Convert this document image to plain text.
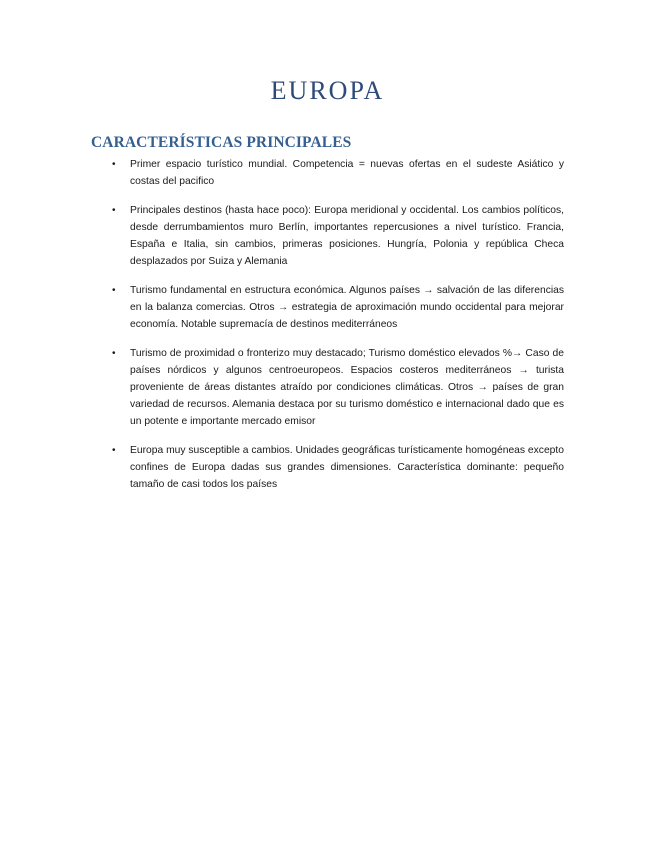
EUROPA
CARACTERÍSTICAS PRINCIPALES
•	Primer espacio turístico mundial. Competencia = nuevas ofertas en el sudeste Asiático y costas del pacifico
•	Principales destinos (hasta hace poco): Europa meridional y occidental. Los cambios políticos, desde derrumbamientos muro Berlín, importantes repercusiones a nivel turístico. Francia, España e Italia, sin cambios, primeras posiciones. Hungría, Polonia y república Checa desplazados por Suiza y Alemania
•	Turismo fundamental en estructura económica. Algunos países → salvación de las diferencias en la balanza comercias. Otros → estrategia de aproximación mundo occidental para mejorar economía. Notable supremacía de destinos mediterráneos
•	Turismo de proximidad o fronterizo muy destacado; Turismo doméstico elevados %→ Caso de países nórdicos y algunos centroeuropeos. Espacios costeros mediterráneos → turista proveniente de áreas distantes atraído por condiciones climáticas. Otros → países de gran variedad de recursos. Alemania destaca por su turismo doméstico e internacional dado que es un potente e importante mercado emisor
•	Europa muy susceptible a cambios. Unidades geográficas turísticamente homogéneas excepto confines de Europa dadas sus grandes dimensiones. Característica dominante: pequeño tamaño de casi todos los países
